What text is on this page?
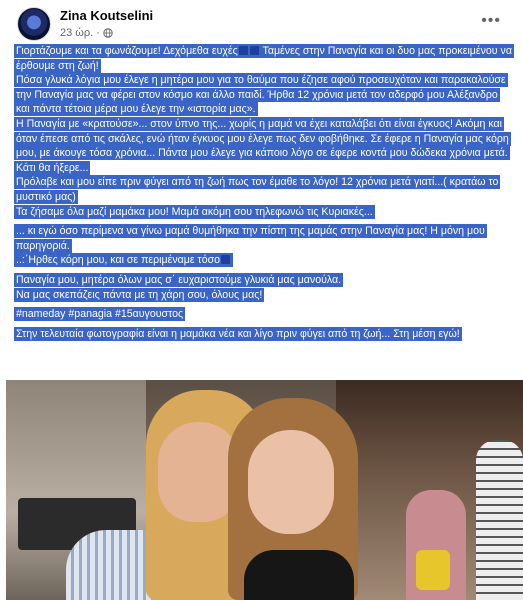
Zina Koutselini
23 ώρ. ·
•••

Γιορτάζουμε και τα φωνάζουμε! Δεχόμεθα ευχές Ταμένες στην Παναγία και οι δυο μας προκειμένου να έρθουμε στη ζωή!
Πόσα γλυκά λόγια μου έλεγε η μητέρα μου για το θαύμα που έζησε αφού προσευχόταν και παρακαλούσε την Παναγία μας να φέρει στον κόσμο και άλλο παιδί. Ήρθα 12 χρόνια μετά τον αδερφό μου Αλέξανδρο και πάντα τέτοια μέρα μου έλεγε την «ιστορία μας».
Η Παναγία με «κρατούσε»... στον ύπνο της... χωρίς η μαμά να έχει καταλάβει ότι είναι έγκυος! Ακόμη και όταν έπεσε από τις σκάλες, ενώ ήταν έγκυος μου έλεγε πως δεν φοβήθηκε. Σε έφερε η Παναγία μας κόρη μου, με άκουγε τόσα χρόνια... Πάντα μου έλεγε για κάποιο λόγο σε έφερε κοντά μου δώδεκα χρόνια μετά. Κάτι θα ήξερε...
Πρόλαβε και μου είπε πριν φύγει από τη ζωή πως τον έμαθε το λόγο! 12 χρόνια μετά γιατί...( κρατάω το μυστικό μας)
Τα ζήσαμε όλα μαζί μαμάκα μου! Μαμά ακόμη σου τηλεφωνώ τις Κυριακές...

... κι εγώ όσο περίμενα να γίνω μαμά θυμήθηκα την πίστη της μαμάς στην Παναγία μας! Η μόνη μου παρηγοριά.
..:΄Ηρθες κόρη μου, και σε περιμέναμε τόσο

Παναγία μου, μητέρα όλων μας σ΄ ευχαριστούμε γλυκιά μας μανούλα.
Να μας σκεπάζεις πάντα με τη χάρη σου, όλους μας!

#nameday #panagia #15αυγουστος

Στην τελευταία φωτογραφία είναι η μαμάκα νέα και λίγο πριν φύγει από τη ζωή... Στη μέση εγώ!
